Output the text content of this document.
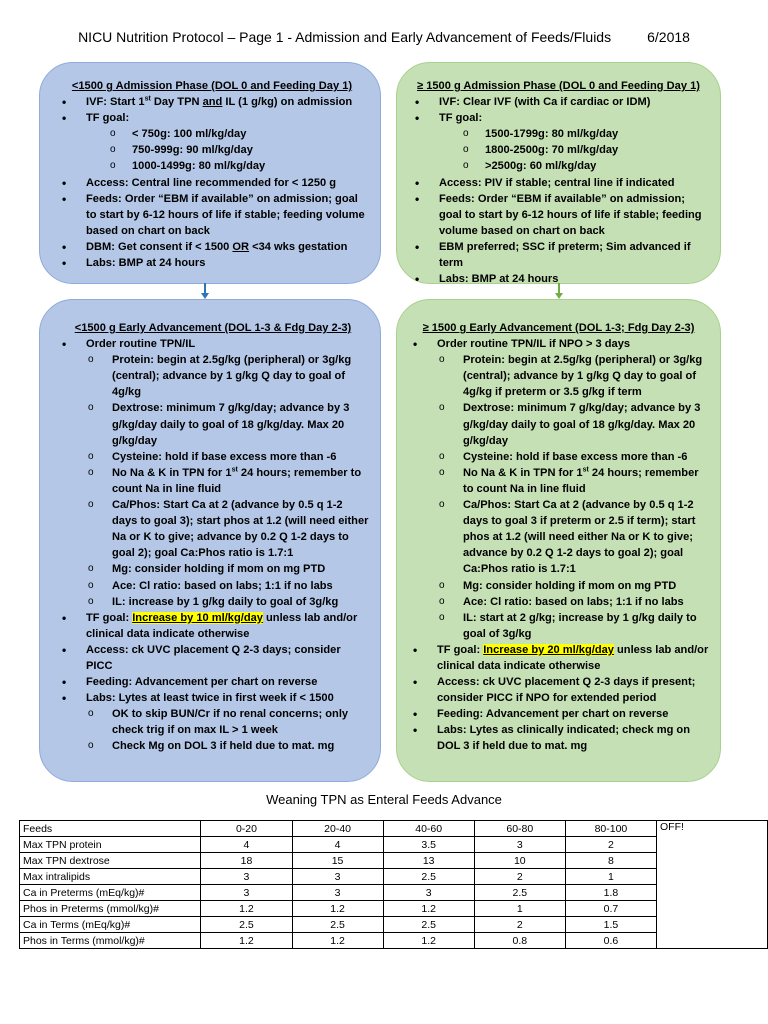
NICU Nutrition Protocol – Page 1 - Admission and Early Advancement of Feeds/Fluids	6/2018
<1500 g Admission Phase (DOL 0 and Feeding Day 1)
• IVF: Start 1st Day TPN and IL (1 g/kg) on admission
• TF goal:
o < 750g: 100 ml/kg/day
o 750-999g: 90 ml/kg/day
o 1000-1499g: 80 ml/kg/day
• Access: Central line recommended for < 1250 g
• Feeds: Order “EBM if available” on admission; goal to start by 6-12 hours of life if stable; feeding volume based on chart on back
• DBM: Get consent if < 1500 OR <34 wks gestation
• Labs: BMP at 24 hours
≥ 1500 g Admission Phase (DOL 0 and Feeding Day 1)
• IVF: Clear IVF (with Ca if cardiac or IDM)
• TF goal:
o 1500-1799g: 80 ml/kg/day
o 1800-2500g: 70 ml/kg/day
o >2500g: 60 ml/kg/day
• Access: PIV if stable; central line if indicated
• Feeds: Order “EBM if available” on admission; goal to start by 6-12 hours of life if stable; feeding volume based on chart on back
• EBM preferred; SSC if preterm; Sim advanced if term
• Labs: BMP at 24 hours
<1500 g Early Advancement (DOL 1-3 & Fdg Day 2-3)
• Order routine TPN/IL
o Protein: begin at 2.5g/kg (peripheral) or 3g/kg (central); advance by 1 g/kg Q day to goal of 4g/kg
o Dextrose: minimum 7 g/kg/day; advance by 3 g/kg/day daily to goal of 18 g/kg/day. Max 20 g/kg/day
o Cysteine: hold if base excess more than -6
o No Na & K in TPN for 1st 24 hours; remember to count Na in line fluid
o Ca/Phos: Start Ca at 2 (advance by 0.5 q 1-2 days to goal 3); start phos at 1.2 (will need either Na or K to give; advance by 0.2 Q 1-2 days to goal 2); goal Ca:Phos ratio is 1.7:1
o Mg: consider holding if mom on mg PTD
o Ace: Cl ratio: based on labs; 1:1 if no labs
o IL: increase by 1 g/kg daily to goal of 3g/kg
• TF goal: Increase by 10 ml/kg/day unless lab and/or clinical data indicate otherwise
• Access: ck UVC placement Q 2-3 days; consider PICC
• Feeding: Advancement per chart on reverse
• Labs: Lytes at least twice in first week if < 1500
o OK to skip BUN/Cr if no renal concerns; only check trig if on max IL > 1 week
o Check Mg on DOL 3 if held due to mat. mg
≥ 1500 g Early Advancement (DOL 1-3; Fdg Day 2-3)
• Order routine TPN/IL if NPO > 3 days
o Protein: begin at 2.5g/kg (peripheral) or 3g/kg (central); advance by 1 g/kg Q day to goal of 4g/kg if preterm or 3.5 g/kg if term
o Dextrose: minimum 7 g/kg/day; advance by 3 g/kg/day daily to goal of 18 g/kg/day. Max 20 g/kg/day
o Cysteine: hold if base excess more than -6
o No Na & K in TPN for 1st 24 hours; remember to count Na in line fluid
o Ca/Phos: Start Ca at 2 (advance by 0.5 q 1-2 days to goal 3 if preterm or 2.5 if term); start phos at 1.2 (will need either Na or K to give; advance by 0.2 Q 1-2 days to goal 2); goal Ca:Phos ratio is 1.7:1
o Mg: consider holding if mom on mg PTD
o Ace: Cl ratio: based on labs; 1:1 if no labs
o IL: start at 2 g/kg; increase by 1 g/kg daily to goal of 3g/kg
• TF goal: Increase by 20 ml/kg/day unless lab and/or clinical data indicate otherwise
• Access: ck UVC placement Q 2-3 days if present; consider PICC if NPO for extended period
• Feeding: Advancement per chart on reverse
• Labs: Lytes as clinically indicated; check mg on DOL 3 if held due to mat. mg
Weaning TPN as Enteral Feeds Advance
Feeds	0-20	20-40	40-60	60-80	80-100	OFF!
Max TPN protein	4	4	3.5	3	2	
Max TPN dextrose	18	15	13	10	8	
Max intralipids	3	3	2.5	2	1	
Ca in Preterms (mEq/kg)#	3	3	3	2.5	1.8	
Phos in Preterms (mmol/kg)#	1.2	1.2	1.2	1	0.7	
Ca in Terms (mEq/kg)#	2.5	2.5	2.5	2	1.5	
Phos in Terms (mmol/kg)#	1.2	1.2	1.2	0.8	0.6	
